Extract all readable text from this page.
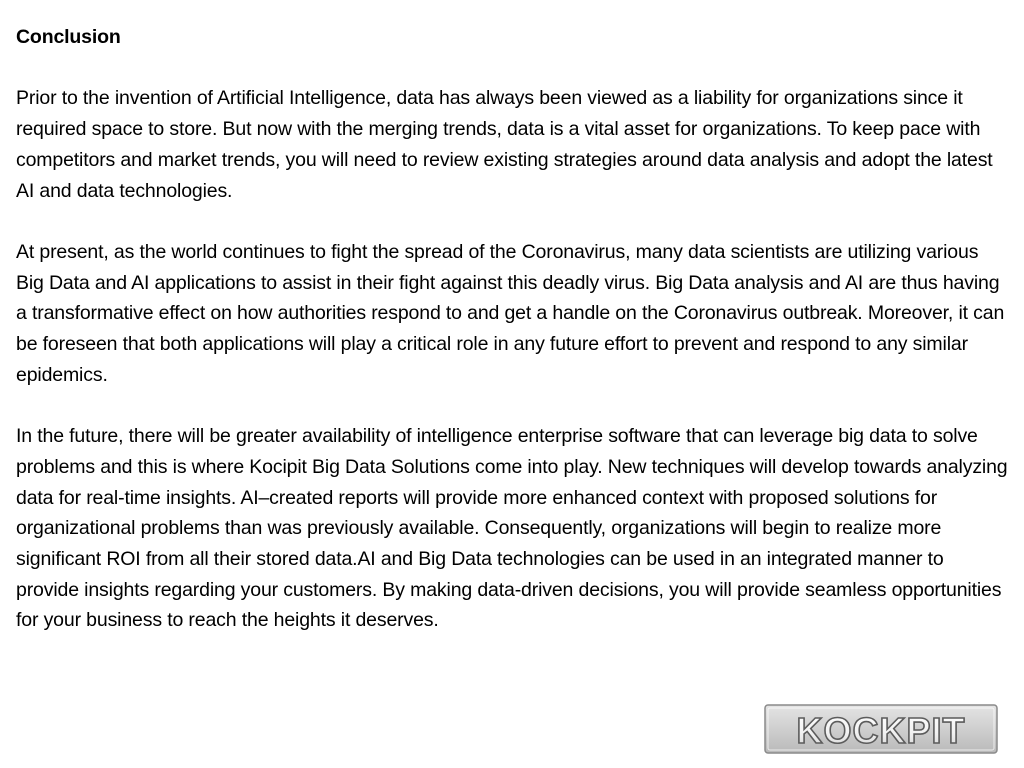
Conclusion
Prior to the invention of Artificial Intelligence, data has always been viewed as a liability for organizations since it required space to store. But now with the merging trends, data is a vital asset for organizations. To keep pace with competitors and market trends, you will need to review existing strategies around data analysis and adopt the latest AI and data technologies.
At present, as the world continues to fight the spread of the Coronavirus, many data scientists are utilizing various Big Data and AI applications to assist in their fight against this deadly virus. Big Data analysis and AI are thus having a transformative effect on how authorities respond to and get a handle on the Coronavirus outbreak. Moreover, it can be foreseen that both applications will play a critical role in any future effort to prevent and respond to any similar epidemics.
In the future, there will be greater availability of intelligence enterprise software that can leverage big data to solve problems and this is where Kocipit Big Data Solutions come into play. New techniques will develop towards analyzing data for real-time insights. AI–created reports will provide more enhanced context with proposed solutions for organizational problems than was previously available. Consequently, organizations will begin to realize more significant ROI from all their stored data.AI and Big Data technologies can be used in an integrated manner to provide insights regarding your customers. By making data-driven decisions, you will provide seamless opportunities for your business to reach the heights it deserves.
KOCKPIT
